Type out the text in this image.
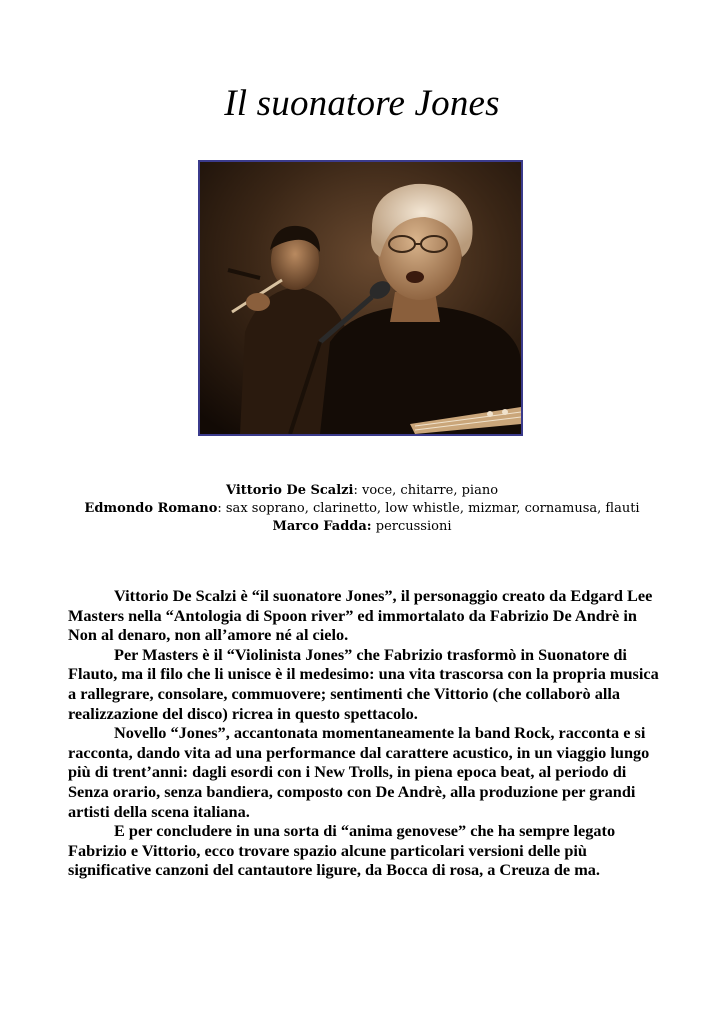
Il suonatore Jones
Vittorio De Scalzi: voce, chitarre, piano
Edmondo Romano: sax soprano, clarinetto, low whistle, mizmar, cornamusa, flauti
Marco Fadda: percussioni

Vittorio De Scalzi è “il suonatore Jones”, il personaggio creato da Edgard Lee Masters nella “Antologia di Spoon river” ed immortalato da Fabrizio De Andrè in Non al denaro, non all’amore né al cielo.

Per Masters è il “Violinista Jones” che Fabrizio trasformò in Suonatore di Flauto, ma il filo che li unisce è il medesimo: una vita trascorsa con la propria musica a rallegrare, consolare, commuovere; sentimenti che Vittorio (che collaborò alla realizzazione del disco) ricrea in questo spettacolo.

Novello “Jones”, accantonata momentaneamente la band Rock, racconta e si racconta, dando vita ad una performance dal carattere acustico, in un viaggio lungo più di trent’anni: dagli esordi con i New Trolls, in piena epoca beat, al periodo di Senza orario, senza bandiera, composto con De Andrè, alla produzione per grandi artisti della scena italiana.

E per concludere in una sorta di “anima genovese” che ha sempre legato Fabrizio e Vittorio, ecco trovare spazio alcune particolari versioni delle più significative canzoni del cantautore ligure, da Bocca di rosa, a Creuza de ma.
